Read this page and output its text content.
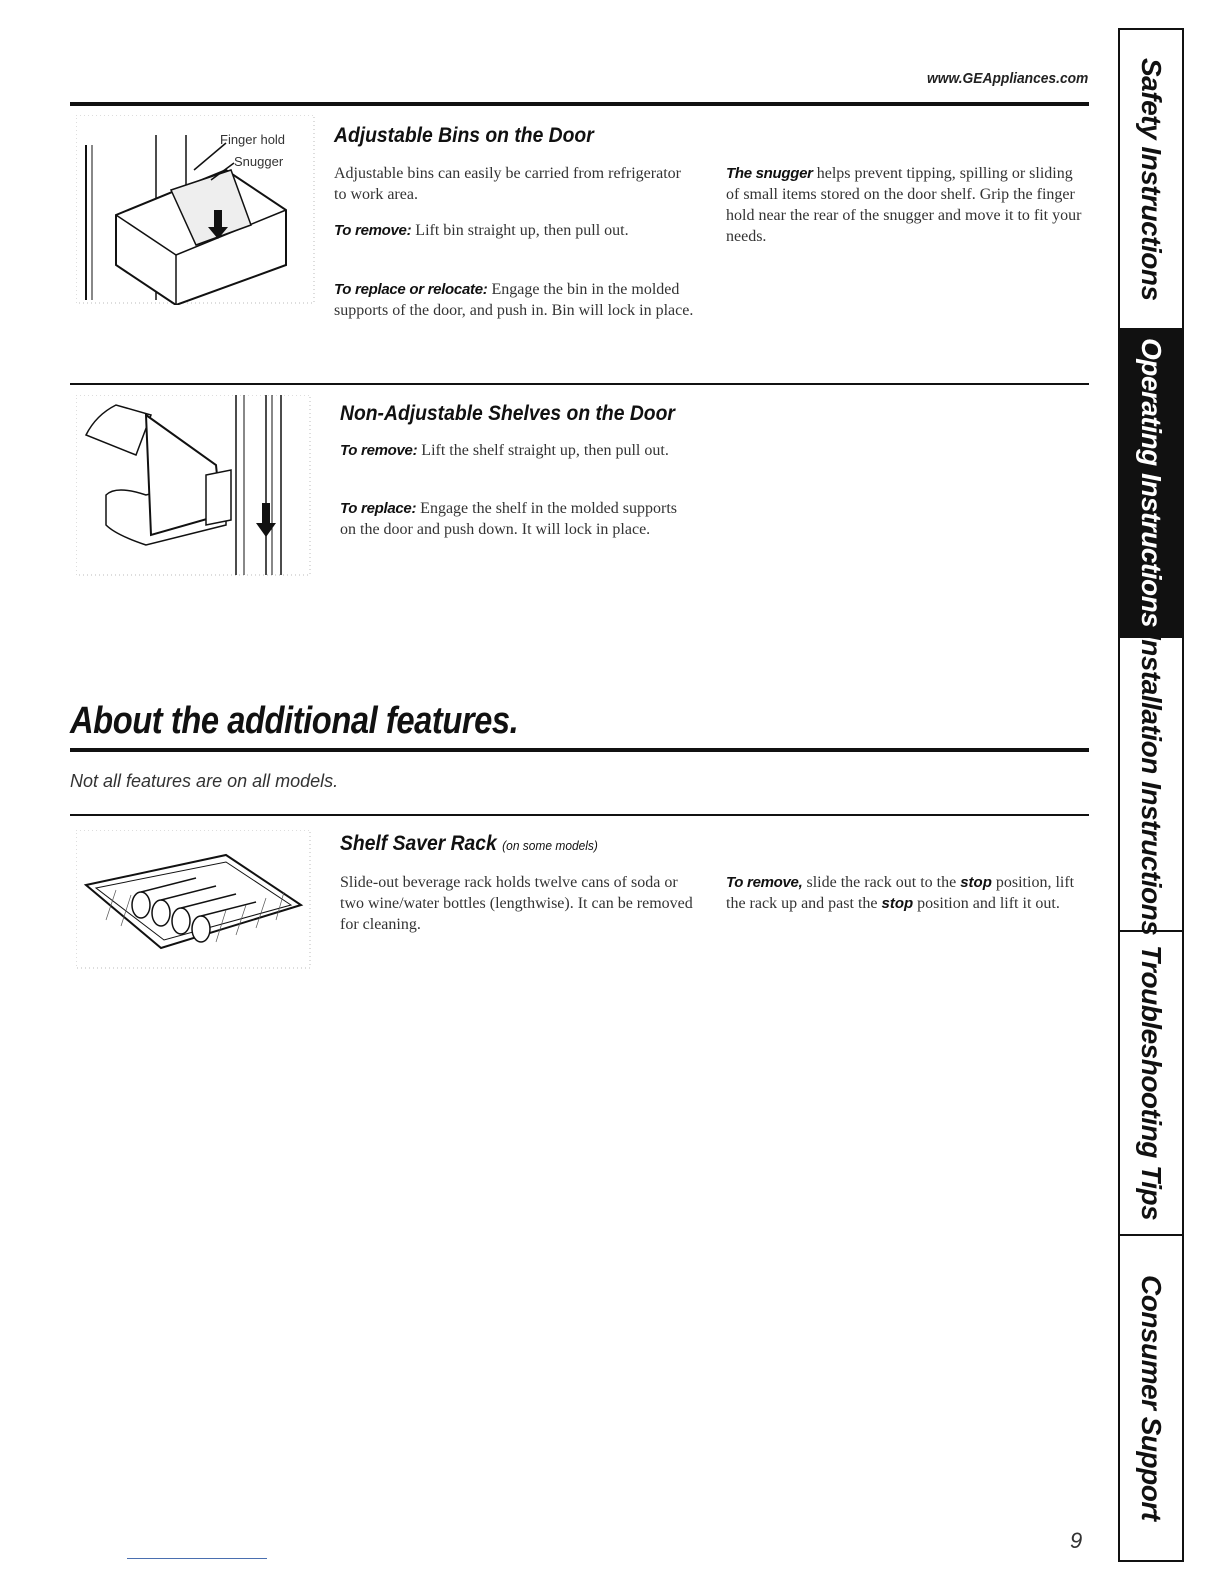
www.GEAppliances.com
Finger hold
Snugger
Adjustable Bins on the Door

Adjustable bins can easily be carried from refrigerator to work area.

To remove: Lift bin straight up, then pull out.

To replace or relocate: Engage the bin in the molded supports of the door, and push in. Bin will lock in place.

The snugger helps prevent tipping, spilling or sliding of small items stored on the door shelf. Grip the finger hold near the rear of the snugger and move it to fit your needs.

Non-Adjustable Shelves on the Door

To remove: Lift the shelf straight up, then pull out.

To replace: Engage the shelf in the molded supports on the door and push down. It will lock in place.

About the additional features.
Not all features are on all models.
Shelf Saver Rack (on some models)

Slide-out beverage rack holds twelve cans of soda or two wine/water bottles (lengthwise). It can be removed for cleaning.

To remove, slide the rack out to the stop position, lift the rack up and past the stop position and lift it out.

Safety Instructions
Operating Instructions
Installation Instructions
Troubleshooting Tips
Consumer Support
9
